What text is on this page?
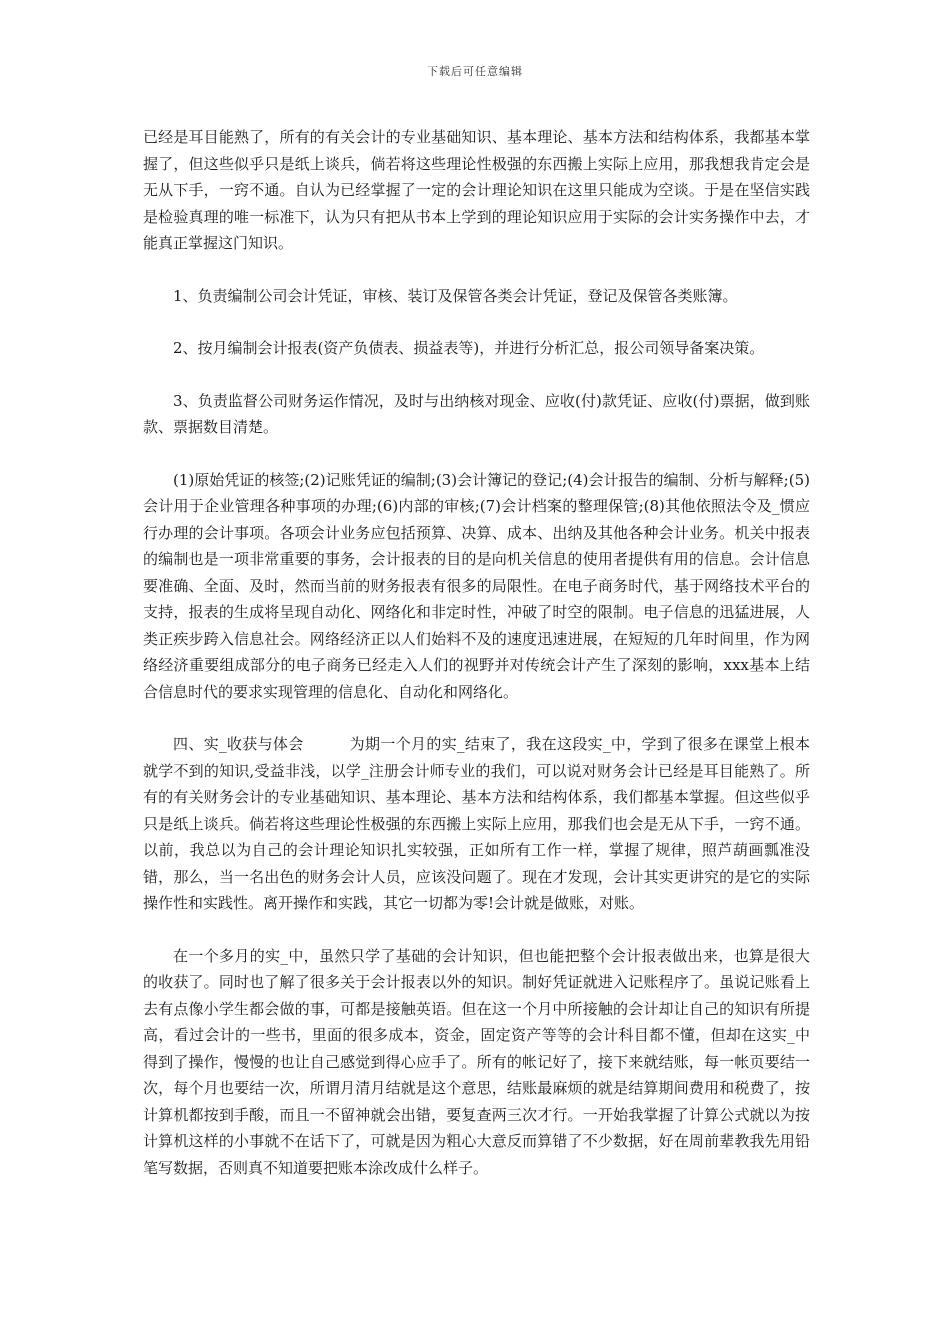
下载后可任意编辑

已经是耳目能熟了，所有的有关会计的专业基础知识、基本理论、基本方法和结构体系，我都基本掌握了，但这些似乎只是纸上谈兵，倘若将这些理论性极强的东西搬上实际上应用，那我想我肯定会是无从下手，一窍不通。自认为已经掌握了一定的会计理论知识在这里只能成为空谈。于是在坚信实践是检验真理的唯一标准下，认为只有把从书本上学到的理论知识应用于实际的会计实务操作中去，才能真正掌握这门知识。

1、负责编制公司会计凭证，审核、装订及保管各类会计凭证，登记及保管各类账簿。

2、按月编制会计报表(资产负债表、损益表等)，并进行分析汇总，报公司领导备案决策。

3、负责监督公司财务运作情况，及时与出纳核对现金、应收(付)款凭证、应收(付)票据，做到账款、票据数目清楚。

(1)原始凭证的核签;(2)记账凭证的编制;(3)会计簿记的登记;(4)会计报告的编制、分析与解释;(5)会计用于企业管理各种事项的办理;(6)内部的审核;(7)会计档案的整理保管;(8)其他依照法令及_惯应行办理的会计事项。各项会计业务应包括预算、决算、成本、出纳及其他各种会计业务。机关中报表的编制也是一项非常重要的事务，会计报表的目的是向机关信息的使用者提供有用的信息。会计信息要准确、全面、及时，然而当前的财务报表有很多的局限性。在电子商务时代，基于网络技术平台的支持，报表的生成将呈现自动化、网络化和非定时性，冲破了时空的限制。电子信息的迅猛进展，人类正疾步跨入信息社会。网络经济正以人们始料不及的速度迅速进展，在短短的几年时间里，作为网络经济重要组成部分的电子商务已经走入人们的视野并对传统会计产生了深刻的影响，xxx基本上结合信息时代的要求实现管理的信息化、自动化和网络化。

四、实_收获与体会　　　为期一个月的实_结束了，我在这段实_中，学到了很多在课堂上根本就学不到的知识,受益非浅，以学_注册会计师专业的我们，可以说对财务会计已经是耳目能熟了。所有的有关财务会计的专业基础知识、基本理论、基本方法和结构体系，我们都基本掌握。但这些似乎只是纸上谈兵。倘若将这些理论性极强的东西搬上实际上应用，那我们也会是无从下手，一窍不通。以前，我总以为自己的会计理论知识扎实较强，正如所有工作一样，掌握了规律，照芦葫画瓢准没错，那么，当一名出色的财务会计人员，应该没问题了。现在才发现，会计其实更讲究的是它的实际操作性和实践性。离开操作和实践，其它一切都为零!会计就是做账，对账。

在一个多月的实_中，虽然只学了基础的会计知识，但也能把整个会计报表做出来，也算是很大的收获了。同时也了解了很多关于会计报表以外的知识。制好凭证就进入记账程序了。虽说记账看上去有点像小学生都会做的事，可都是接触英语。但在这一个月中所接触的会计却让自己的知识有所提高，看过会计的一些书，里面的很多成本，资金，固定资产等等的会计科目都不懂，但却在这实_中得到了操作，慢慢的也让自己感觉到得心应手了。所有的帐记好了，接下来就结账，每一帐页要结一次，每个月也要结一次，所谓月清月结就是这个意思，结账最麻烦的就是结算期间费用和税费了，按计算机都按到手酸，而且一不留神就会出错，要复查两三次才行。一开始我掌握了计算公式就以为按计算机这样的小事就不在话下了，可就是因为粗心大意反而算错了不少数据，好在周前辈教我先用铅笔写数据，否则真不知道要把账本涂改成什么样子。
